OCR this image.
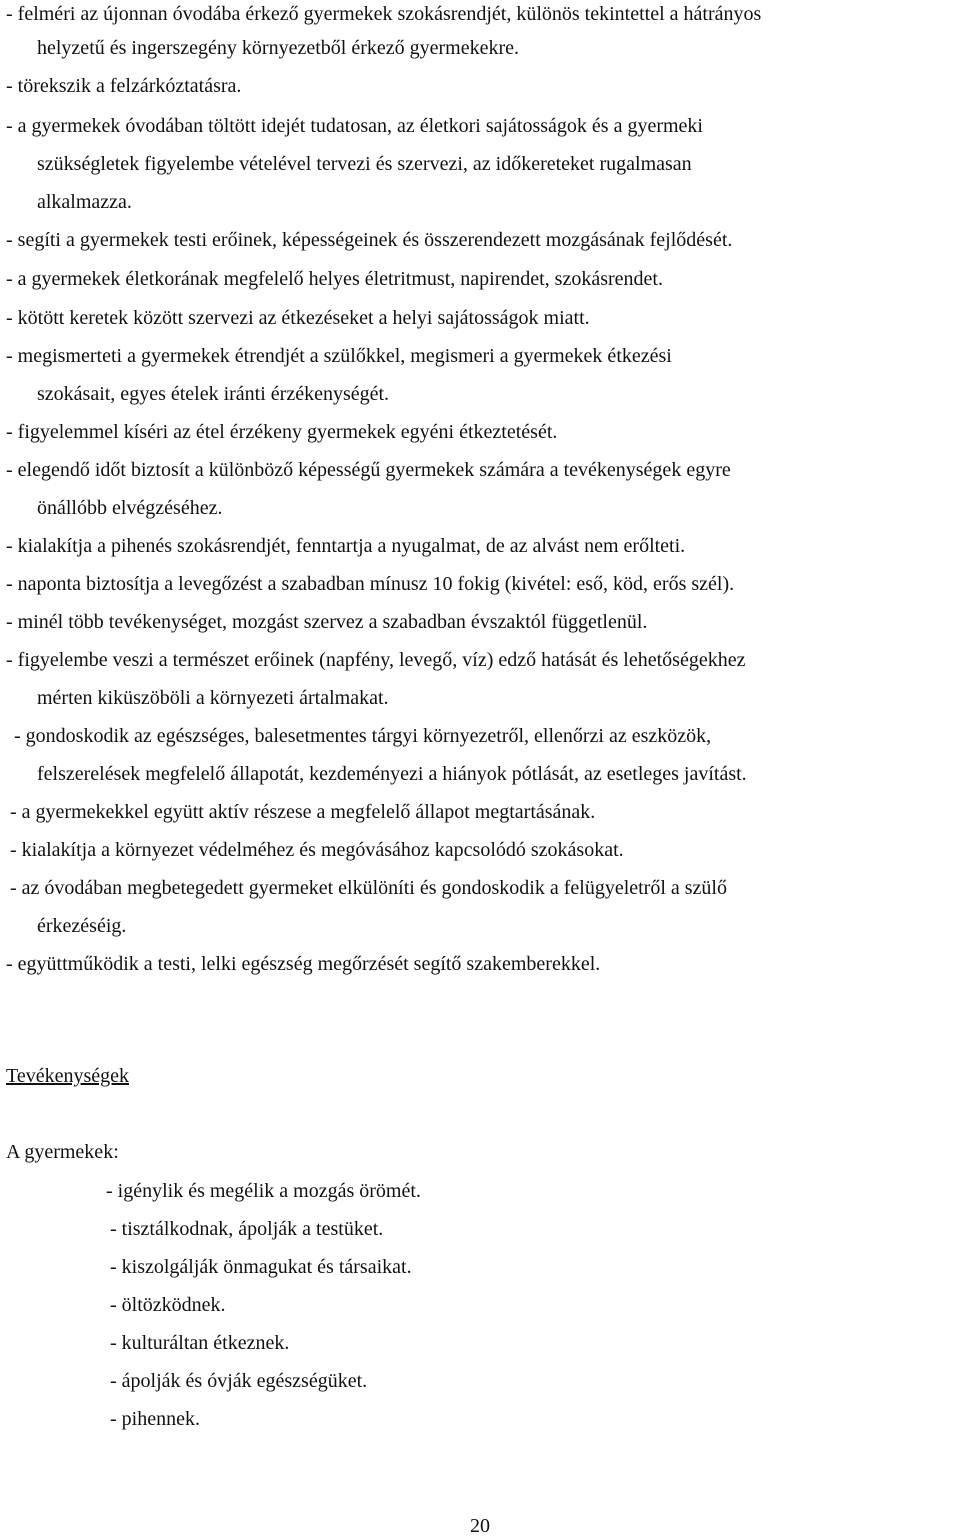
- felméri az újonnan óvodába érkező gyermekek szokásrendjét, különös tekintettel a hátrányos
helyzetű és ingerszegény környezetből érkező gyermekekre.
- törekszik a felzárkóztatásra.
- a gyermekek óvodában töltött idejét tudatosan, az életkori sajátosságok és a gyermeki
szükségletek figyelembe vételével tervezi és szervezi, az időkereteket rugalmasan
alkalmazza.
- segíti a gyermekek testi erőinek, képességeinek és összerendezett mozgásának fejlődését.
- a gyermekek életkorának megfelelő helyes életritmust, napirendet, szokásrendet.
- kötött keretek között szervezi az étkezéseket a helyi sajátosságok miatt.
- megismerteti a gyermekek étrendjét a szülőkkel, megismeri a gyermekek étkezési
szokásait, egyes ételek iránti érzékenységét.
- figyelemmel kíséri az étel érzékeny gyermekek egyéni étkeztetését.
- elegendő időt biztosít a különböző képességű gyermekek számára a tevékenységek egyre
önállóbb elvégzéséhez.
- kialakítja a pihenés szokásrendjét, fenntartja a nyugalmat, de az alvást nem erőlteti.
- naponta biztosítja a levegőzést a szabadban mínusz 10 fokig (kivétel: eső, köd, erős szél).
- minél több tevékenységet, mozgást szervez a szabadban évszaktól függetlenül.
- figyelembe veszi a természet erőinek (napfény, levegő, víz) edző hatását és lehetőségekhez
mérten kiküszöböli a környezeti ártalmakat.
- gondoskodik az egészséges, balesetmentes tárgyi környezetről, ellenőrzi az eszközök,
felszerelések megfelelő állapotát, kezdeményezi a hiányok pótlását, az esetleges javítást.
- a gyermekekkel együtt aktív részese a megfelelő állapot megtartásának.
- kialakítja a környezet védelméhez és megóvásához kapcsolódó szokásokat.
- az óvodában megbetegedett gyermeket elkülöníti és gondoskodik a felügyeletről a szülő
érkezéséig.
- együttműködik a testi, lelki egészség megőrzését segítő szakemberekkel.
Tevékenységek
A gyermekek:
- igénylik és megélik a mozgás örömét.
- tisztálkodnak, ápolják a testüket.
- kiszolgálják önmagukat és társaikat.
- öltözködnek.
- kulturáltan étkeznek.
- ápolják és óvják egészségüket.
- pihennek.
20
